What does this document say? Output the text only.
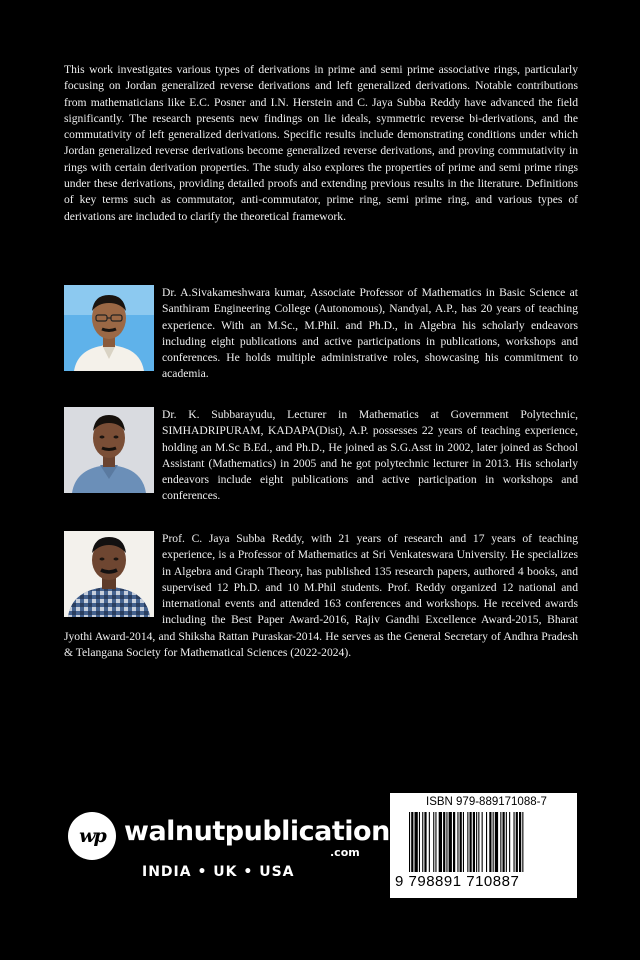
This work investigates various types of derivations in prime and semi prime associative rings, particularly focusing on Jordan generalized reverse derivations and left generalized derivations. Notable contributions from mathematicians like E.C. Posner and I.N. Herstein and C. Jaya Subba Reddy have advanced the field significantly. The research presents new findings on lie ideals, symmetric reverse bi-derivations, and the commutativity of left generalized derivations. Specific results include demonstrating conditions under which Jordan generalized reverse derivations become generalized reverse derivations, and proving commutativity in rings with certain derivation properties. The study also explores the properties of prime and semi prime rings under these derivations, providing detailed proofs and extending previous results in the literature. Definitions of key terms such as commutator, anti-commutator, prime ring, semi prime ring, and various types of derivations are included to clarify the theoretical framework.

Dr. A.Sivakameshwara kumar, Associate Professor of Mathematics in Basic Science at Santhiram Engineering College (Autonomous), Nandyal, A.P., has 20 years of teaching experience. With an M.Sc., M.Phil. and Ph.D., in Algebra his scholarly endeavors including eight publications and active participations in publications, workshops and conferences. He holds multiple administrative roles, showcasing his commitment to academia.

Dr. K. Subbarayudu, Lecturer in Mathematics at Government Polytechnic, SIMHADRIPURAM, KADAPA(Dist), A.P. possesses 22 years of teaching experience, holding an M.Sc B.Ed., and Ph.D., He joined as S.G.Asst in 2002, later joined as School Assistant (Mathematics) in 2005 and he got polytechnic lecturer in 2013. His scholarly endeavors include eight publications and active participation in workshops and conferences.

Prof. C. Jaya Subba Reddy, with 21 years of research and 17 years of teaching experience, is a Professor of Mathematics at Sri Venkateswara University. He specializes in Algebra and Graph Theory, has published 135 research papers, authored 4 books, and supervised 12 Ph.D. and 10 M.Phil students. Prof. Reddy organized 12 national and international events and attended 163 conferences and workshops. He received awards including the Best Paper Award-2016, Rajiv Gandhi Excellence Award-2015, Bharat Jyothi Award-2014, and Shiksha Rattan Puraskar-2014. He serves as the General Secretary of Andhra Pradesh & Telangana Society for Mathematical Sciences (2022-2024).

wp walnutpublication
.com
INDIA • UK • USA
ISBN 979-889171088-7
9 798891 710887
